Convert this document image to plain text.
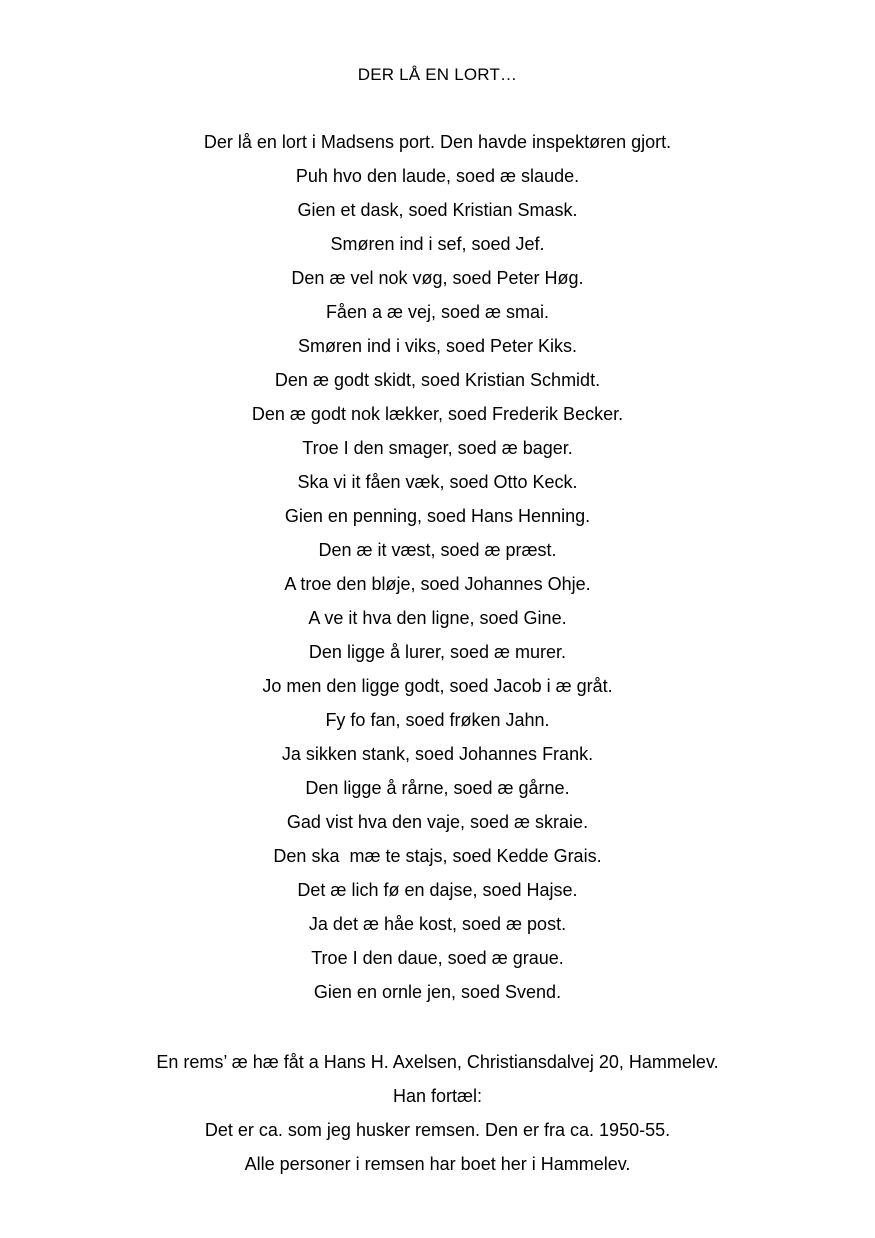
DER LÅ EN LORT…
Der lå en lort i Madsens port. Den havde inspektøren gjort.
Puh hvo den laude, soed æ slaude.
Gien et dask, soed Kristian Smask.
Smøren ind i sef, soed Jef.
Den æ vel nok vøg, soed Peter Høg.
Fåen a æ vej, soed æ smai.
Smøren ind i viks, soed Peter Kiks.
Den æ godt skidt, soed Kristian Schmidt.
Den æ godt nok lækker, soed Frederik Becker.
Troe I den smager, soed æ bager.
Ska vi it fåen væk, soed Otto Keck.
Gien en penning, soed Hans Henning.
Den æ it væst, soed æ præst.
A troe den bløje, soed Johannes Ohje.
A ve it hva den ligne, soed Gine.
Den ligge å lurer, soed æ murer.
Jo men den ligge godt, soed Jacob i æ gråt.
Fy fo fan, soed frøken Jahn.
Ja sikken stank, soed Johannes Frank.
Den ligge å rårne, soed æ gårne.
Gad vist hva den vaje, soed æ skraie.
Den ska  mæ te stajs, soed Kedde Grais.
Det æ lich fø en dajse, soed Hajse.
Ja det æ håe kost, soed æ post.
Troe I den daue, soed æ graue.
Gien en ornle jen, soed Svend.
En rems’ æ hæ fåt a Hans H. Axelsen, Christiansdalvej 20, Hammelev.
Han fortæl:
Det er ca. som jeg husker remsen. Den er fra ca. 1950-55.
Alle personer i remsen har boet her i Hammelev.
